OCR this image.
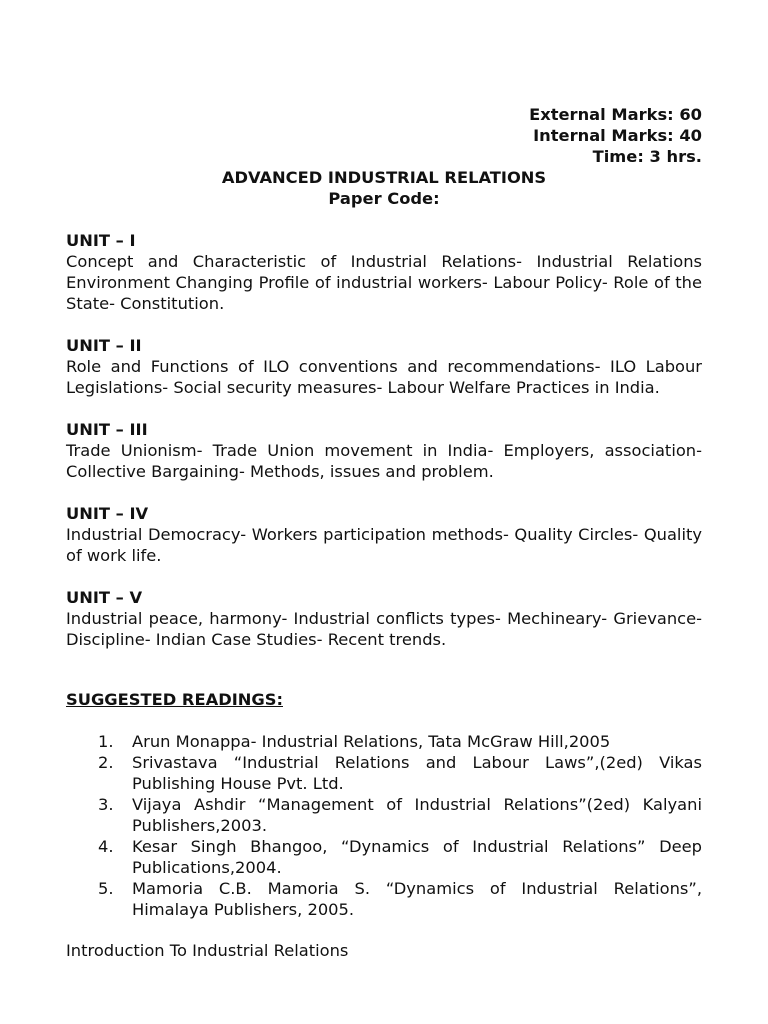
External Marks: 60
Internal Marks: 40
Time: 3 hrs.
ADVANCED INDUSTRIAL RELATIONS
Paper Code:
UNIT – I
Concept and Characteristic of Industrial Relations- Industrial Relations Environment Changing Profile of industrial workers- Labour Policy- Role of the State- Constitution.
UNIT – II
Role and Functions of ILO conventions and recommendations- ILO Labour Legislations- Social security measures- Labour Welfare Practices in India.
UNIT – III
Trade Unionism- Trade Union movement in India- Employers, association- Collective Bargaining- Methods, issues and problem.
UNIT – IV
Industrial Democracy- Workers participation methods- Quality Circles- Quality of work life.
UNIT – V
Industrial peace, harmony- Industrial conflicts types- Mechineary- Grievance- Discipline- Indian Case Studies- Recent trends.
SUGGESTED READINGS:
1.	Arun Monappa- Industrial Relations, Tata McGraw Hill,2005
2.	Srivastava “Industrial Relations and Labour Laws”,(2ed) Vikas Publishing House Pvt. Ltd.
3.	Vijaya Ashdir “Management of Industrial Relations”(2ed) Kalyani Publishers,2003.
4.	Kesar Singh Bhangoo, “Dynamics of Industrial Relations” Deep Publications,2004.
5.	Mamoria C.B. Mamoria S. “Dynamics of Industrial Relations”, Himalaya Publishers, 2005.
Introduction To Industrial Relations
